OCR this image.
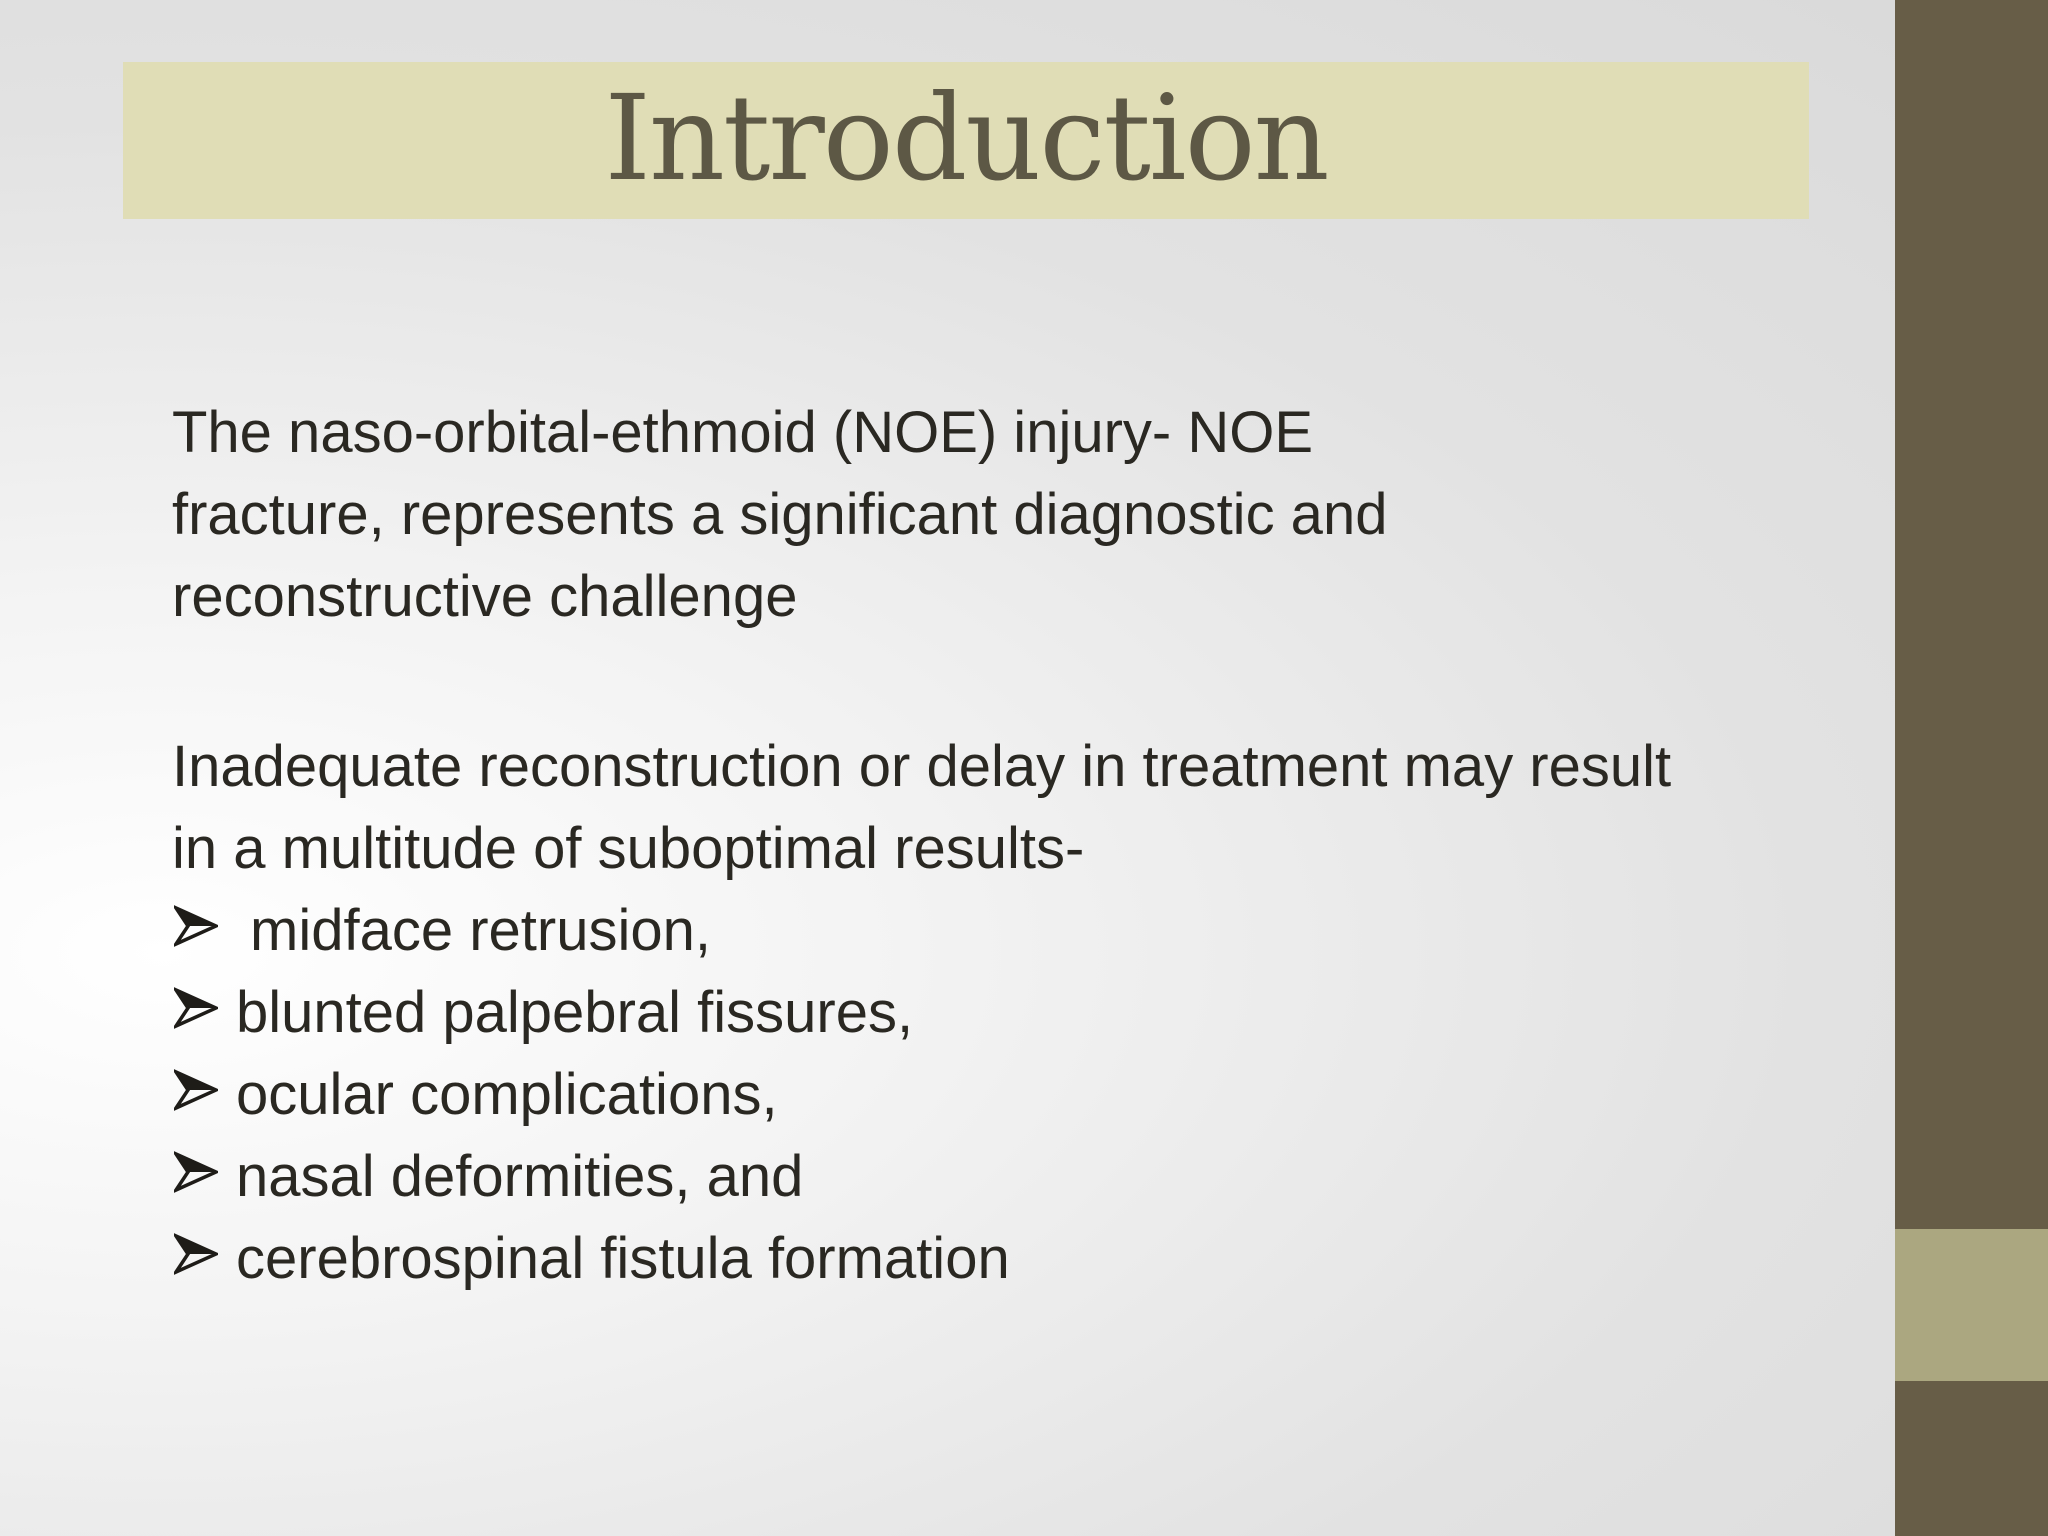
Introduction

The naso-orbital-ethmoid (NOE) injury- NOE fracture, represents a significant diagnostic and reconstructive challenge

Inadequate reconstruction or delay in treatment may result in a multitude of suboptimal results-

midface retrusion,
blunted palpebral fissures,
ocular complications,
nasal deformities, and
cerebrospinal fistula formation
